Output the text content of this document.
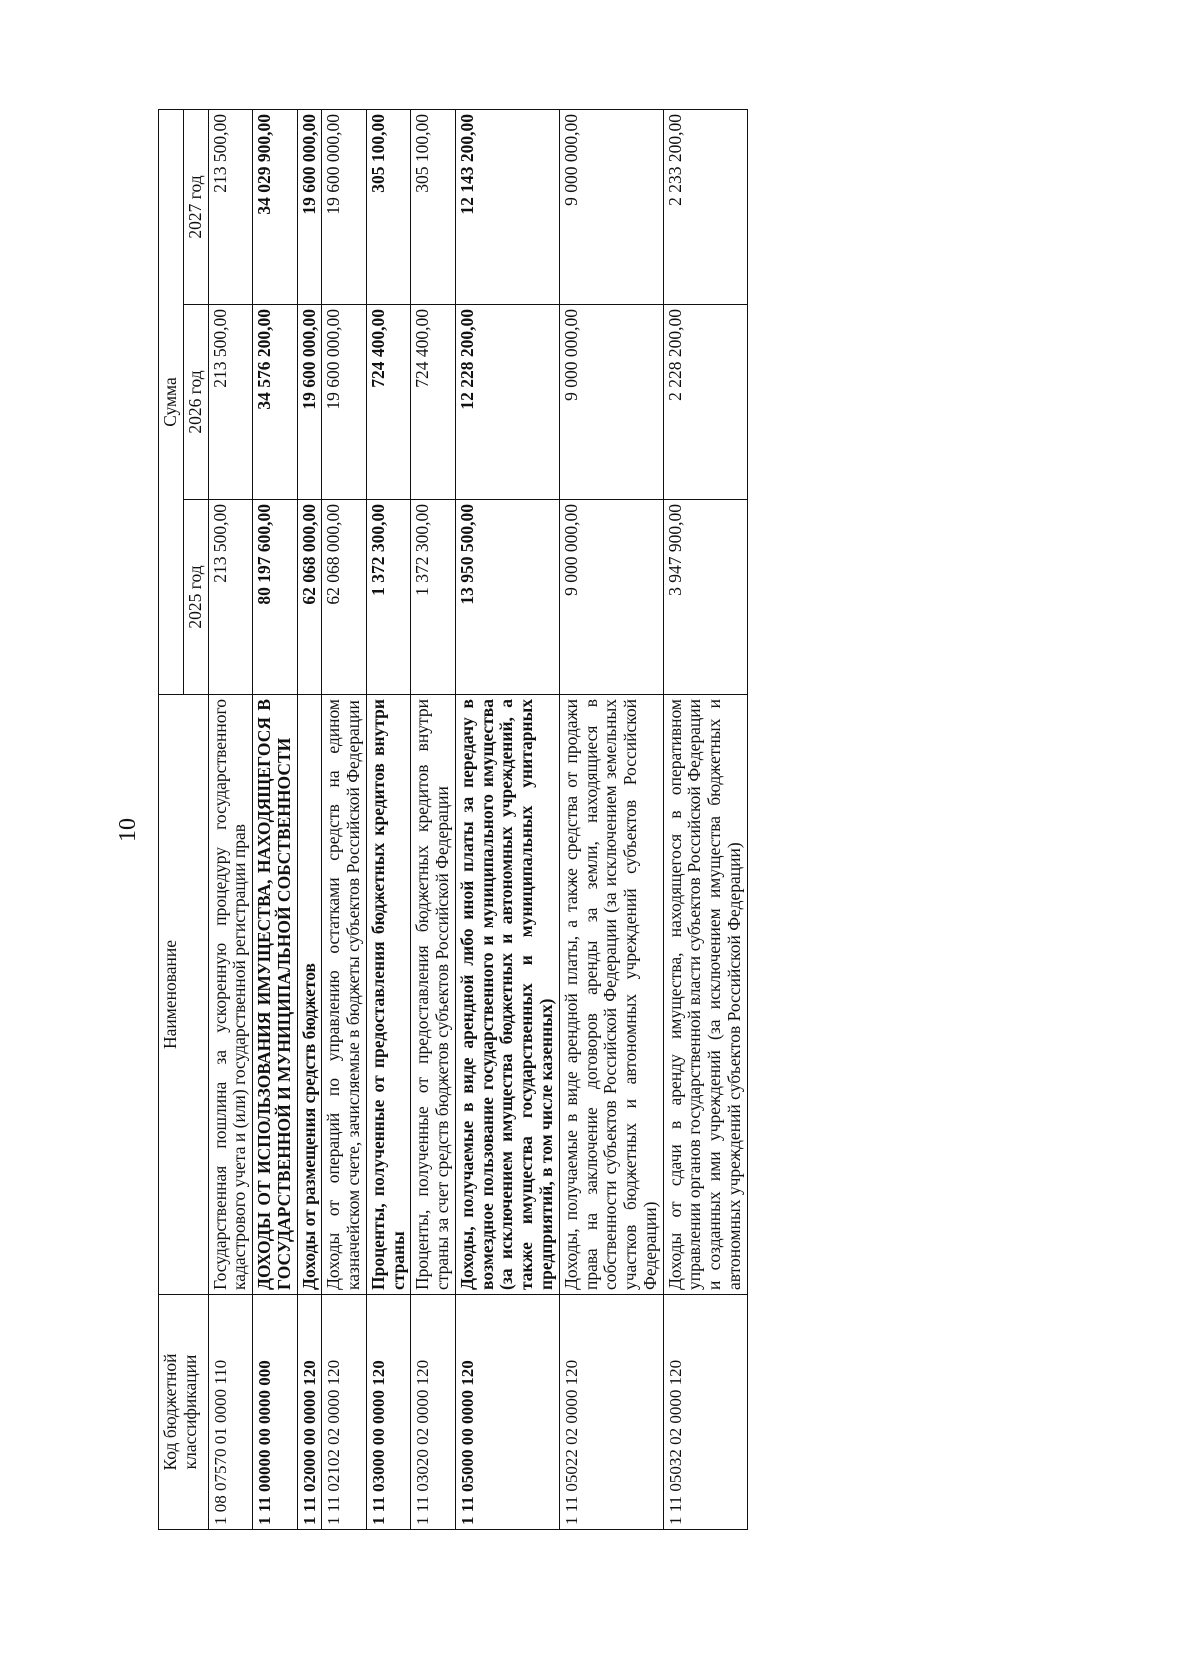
10
Код бюджетной классификации	Наименование	Сумма		
		2025 год	2026 год	2027 год
1 08 07570 01 0000 110	Государственная пошлина за ускоренную процедуру государственного кадастрового учета и (или) государственной регистрации прав	213 500,00	213 500,00	213 500,00
1 11 00000 00 0000 000	ДОХОДЫ ОТ ИСПОЛЬЗОВАНИЯ ИМУЩЕСТВА, НАХОДЯЩЕГОСЯ В ГОСУДАРСТВЕННОЙ И МУНИЦИПАЛЬНОЙ СОБСТВЕННОСТИ	80 197 600,00	34 576 200,00	34 029 900,00
1 11 02000 00 0000 120	Доходы от размещения средств бюджетов	62 068 000,00	19 600 000,00	19 600 000,00
1 11 02102 02 0000 120	Доходы от операций по управлению остатками средств на едином казначейском счете, зачисляемые в бюджеты субъектов Российской Федерации	62 068 000,00	19 600 000,00	19 600 000,00
1 11 03000 00 0000 120	Проценты, полученные от предоставления бюджетных кредитов внутри страны	1 372 300,00	724 400,00	305 100,00
1 11 03020 02 0000 120	Проценты, полученные от предоставления бюджетных кредитов внутри страны за счет средств бюджетов субъектов Российской Федерации	1 372 300,00	724 400,00	305 100,00
1 11 05000 00 0000 120	Доходы, получаемые в виде арендной либо иной платы за передачу в возмездное пользование государственного и муниципального имущества (за исключением имущества бюджетных и автономных учреждений, а также имущества государственных и муниципальных унитарных предприятий, в том числе казенных)	13 950 500,00	12 228 200,00	12 143 200,00
1 11 05022 02 0000 120	Доходы, получаемые в виде арендной платы, а также средства от продажи права на заключение договоров аренды за земли, находящиеся в собственности субъектов Российской Федерации (за исключением земельных участков бюджетных и автономных учреждений субъектов Российской Федерации)	9 000 000,00	9 000 000,00	9 000 000,00
1 11 05032 02 0000 120	Доходы от сдачи в аренду имущества, находящегося в оперативном управлении органов государственной власти субъектов Российской Федерации и созданных ими учреждений (за исключением имущества бюджетных и автономных учреждений субъектов Российской Федерации)	3 947 900,00	2 228 200,00	2 233 200,00
